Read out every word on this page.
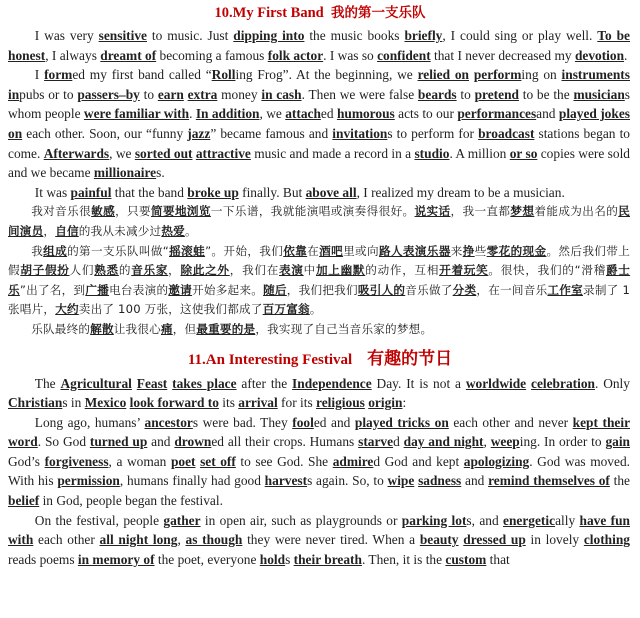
10.My First Band 我的第一支乐队

I was very sensitive to music. Just dipping into the music books briefly, I could sing or play well. To be honest, I always dreamt of becoming a famous folk actor. I was so confident that I never decreased my devotion.

I formed my first band called “Rolling Frog”. At the beginning, we relied on performing on instruments inpubs or to passers–by to earn extra money in cash. Then we were false beards to pretend to be the musicians whom people were familiar with. In addition, we attached humorous acts to our performancesand played jokes on each other. Soon, our “funny jazz” became famous and invitations to perform for broadcast stations began to come. Afterwards, we sorted out attractive music and made a record in a studio. A million or so copies were sold and we became millionaires.

It was painful that the band broke up finally. But above all, I realized my dream to be a musician.

我对音乐很敏感，只要简要地浏览一下乐谱，我就能演唱或演奏得很好。说实话，我一直都梦想着能成为出名的民间演员，自信的我从未减少过热爱。

我组成的第一支乐队叫做“摇滚蛙”。开始，我们依靠在酒吧里或向路人表演乐器来挣些零花的现金。然后我们带上假胡子假扮人们熟悉的音乐家，除此之外，我们在表演中加上幽默的动作，互相开着玩笑。很快，我们的“滑稽爵士乐”出了名，到广播电台表演的邀请开始多起来。随后，我们把我们吸引人的音乐做了分类，在一间音乐工作室录制了 1 张唱片，大约卖出了 100 万张，这使我们都成了百万富翁。

乐队最终的解散让我很心痛，但最重要的是，我实现了自己当音乐家的梦想。

11.An Interesting Festival 有趣的节日

The Agricultural Feast takes place after the Independence Day. It is not a worldwide celebration. Only Christians in Mexico look forward to its arrival for its religious origin:

Long ago, humans’ ancestors were bad. They fooled and played tricks on each other and never kept their word. So God turned up and drowned all their crops. Humans starved day and night, weeping. In order to gain God’s forgiveness, a woman poet set off to see God. She admired God and kept apologizing. God was moved. With his permission, humans finally had good harvests again. So, to wipe sadness and remind themselves of the belief in God, people began the festival.

On the festival, people gather in open air, such as playgrounds or parking lots, and energetically have fun with each other all night long, as though they were never tired. When a beauty dressed up in lovely clothing reads poems in memory of the poet, everyone holds their breath. Then, it is the custom that
